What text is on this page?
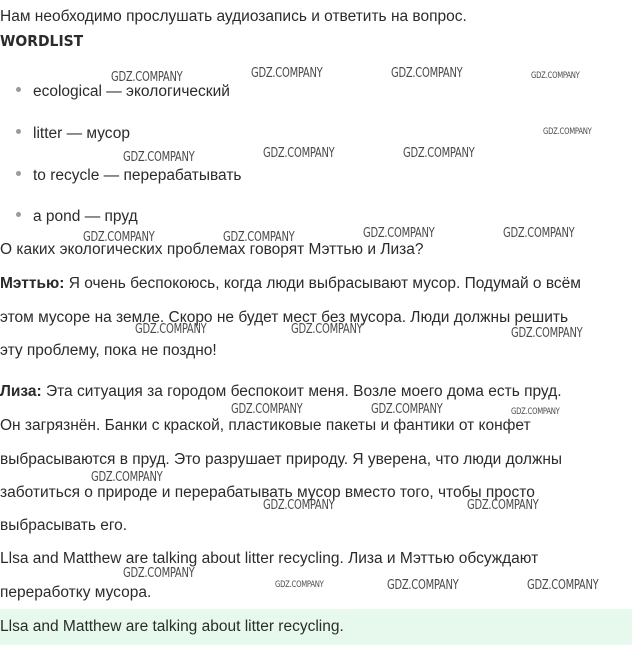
Нам необходимо прослушать аудиозапись и ответить на вопрос.
WORDLIST
ecological — экологический
litter — мусор
to recycle — перерабатывать
a pond — пруд
О каких экологических проблемах говорят Мэттью и Лиза?
Мэттью: Я очень беспокоюсь, когда люди выбрасывают мусор. Подумай о всём
этом мусоре на земле. Скоро не будет мест без мусора. Люди должны решить
эту проблему, пока не поздно!
Лиза: Эта ситуация за городом беспокоит меня. Возле моего дома есть пруд.
Он загрязнён. Банки с краской, пластиковые пакеты и фантики от конфет
выбрасываются в пруд. Это разрушает природу. Я уверена, что люди должны
заботиться о природе и перерабатывать мусор вместо того, чтобы просто
выбрасывать его.
Llsa and Matthew are talking about litter recycling. Лиза и Мэттью обсуждают
переработку мусора.
Llsa and Matthew are talking about litter recycling.
GDZ.COMPANY	GDZ.COMPANY	GDZ.COMPANY	GDZ.COMPANY
GDZ.COMPANY
GDZ.COMPANY	GDZ.COMPANY	GDZ.COMPANY
GDZ.COMPANY	GDZ.COMPANY	GDZ.COMPANY	GDZ.COMPANY
GDZ.COMPANY	GDZ.COMPANY	GDZ.COMPANY
GDZ.COMPANY	GDZ.COMPANY	GDZ.COMPANY
GDZ.COMPANY
GDZ.COMPANY	GDZ.COMPANY
GDZ.COMPANY
GDZ.COMPANY	GDZ.COMPANY	GDZ.COMPANY
